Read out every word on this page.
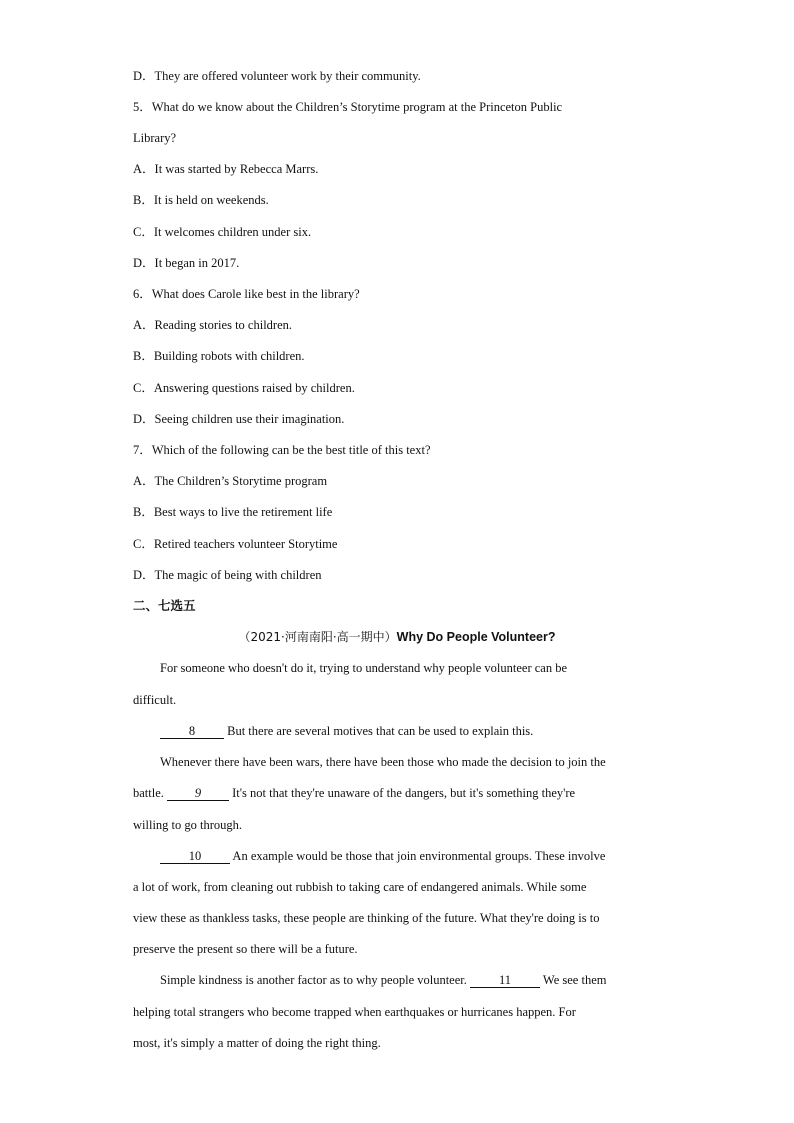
D．They are offered volunteer work by their community.
5．What do we know about the Children’s Storytime program at the Princeton Public
Library?
A．It was started by Rebecca Marrs.
B．It is held on weekends.
C．It welcomes children under six.
D．It began in 2017.
6．What does Carole like best in the library?
A．Reading stories to children.
B．Building robots with children.
C．Answering questions raised by children.
D．Seeing children use their imagination.
7．Which of the following can be the best title of this text?
A．The Children’s Storytime program
B．Best ways to live the retirement life
C．Retired teachers volunteer Storytime
D．The magic of being with children
二、七选五
（2021·河南南阳·高一期中）Why Do People Volunteer?
For someone who doesn't do it, trying to understand why people volunteer can be
difficult.
8 But there are several motives that can be used to explain this.
Whenever there have been wars, there have been those who made the decision to join the
battle. 9 It's not that they're unaware of the dangers, but it's something they're
willing to go through.
10 An example would be those that join environmental groups. These involve
a lot of work, from cleaning out rubbish to taking care of endangered animals. While some
view these as thankless tasks, these people are thinking of the future. What they're doing is to
preserve the present so there will be a future.
Simple kindness is another factor as to why people volunteer. 11 We see them
helping total strangers who become trapped when earthquakes or hurricanes happen. For
most, it's simply a matter of doing the right thing.
